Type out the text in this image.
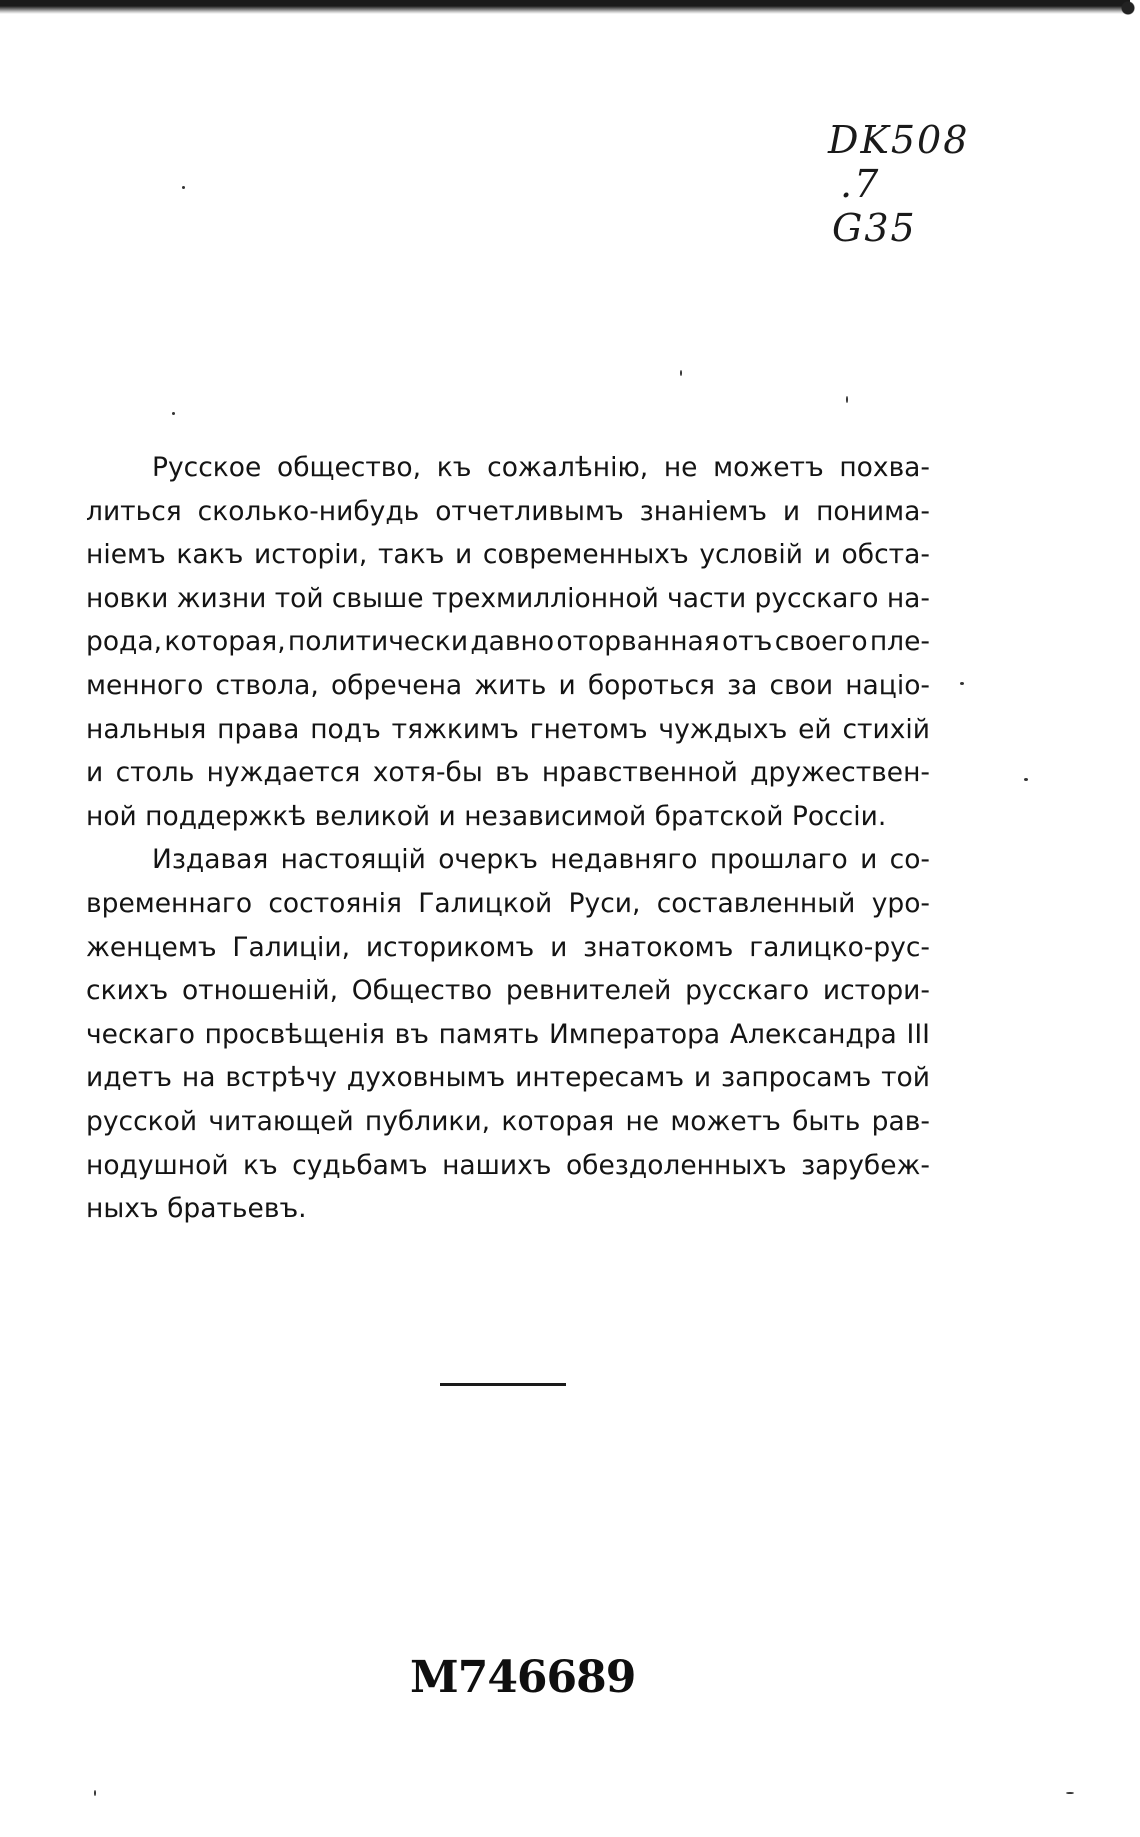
DK508
.7
G35
Русское общество, къ сожалѣнію, не можетъ похва-
литься сколько-нибудь отчетливымъ знаніемъ и понима-
ніемъ какъ исторіи, такъ и современныхъ условій и обста-
новки жизни той свыше трехмилліонной части русскаго на-
рода, которая, политически давно оторванная отъ своего пле-
менного ствола, обречена жить и бороться за свои націо-
нальныя права подъ тяжкимъ гнетомъ чуждыхъ ей стихій
и столь нуждается хотя-бы въ нравственной дружествен-
ной поддержкѣ великой и независимой братской Россіи.
Издавая настоящій очеркъ недавняго прошлаго и со-
временнаго состоянія Галицкой Руси, составленный уро-
женцемъ Галиціи, историкомъ и знатокомъ галицко-рус-
скихъ отношеній, Общество ревнителей русскаго истори-
ческаго просвѣщенія въ память Императора Александра III
идетъ на встрѣчу духовнымъ интересамъ и запросамъ той
русской читающей публики, которая не можетъ быть рав-
нодушной къ судьбамъ нашихъ обездоленныхъ зарубеж-
ныхъ братьевъ.
M746689
